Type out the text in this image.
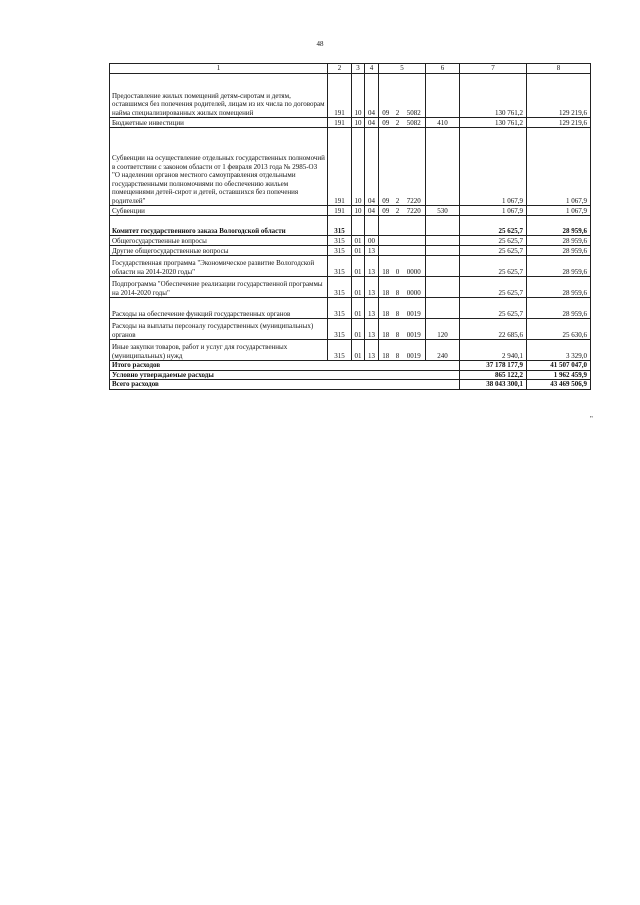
48
1	2	3	4	5			6	7	8
Предоставление жилых помещений детям-сиротам и детям, оставшимся без попечения родителей, лицам из их числа по договорам найма специализированных жилых помещений	191	10	04	09	2	5082		130 761,2	129 219,6
Бюджетные инвестиции	191	10	04	09	2	5082	410	130 761,2	129 219,6
Субвенции на осуществление отдельных государственных полномочий в соответствии с законом области от 1 февраля 2013 года № 2985-ОЗ "О наделении органов местного самоуправления отдельными государственными полномочиями по обеспечению жильем помещениями детей-сирот и детей, оставшихся без попечения родителей"	191	10	04	09	2	7220		1 067,9	1 067,9
Субвенции	191	10	04	09	2	7220	530	1 067,9	1 067,9
Комитет государственного заказа Вологодской области	315							25 625,7	28 959,6
Общегосударственные вопросы	315	01	00					25 625,7	28 959,6
Другие общегосударственные вопросы	315	01	13					25 625,7	28 959,6
Государственная программа "Экономическое развитие Вологодской области на 2014-2020 годы"	315	01	13	18	0	0000		25 625,7	28 959,6
Подпрограмма "Обеспечение реализации государственной программы на 2014-2020 годы"	315	01	13	18	8	0000		25 625,7	28 959,6
Расходы на обеспечение функций государственных органов	315	01	13	18	8	0019		25 625,7	28 959,6
Расходы на выплаты персоналу государственных (муниципальных) органов	315	01	13	18	8	0019	120	22 685,6	25 630,6
Иные закупки товаров, работ и услуг для государственных (муниципальных) нужд	315	01	13	18	8	0019	240	2 940,1	3 329,0
Итого расходов								37 178 177,9	41 507 047,0
Условно утверждаемые расходы								865 122,2	1 962 459,9
Всего расходов								38 043 300,1	43 469 506,9
"
